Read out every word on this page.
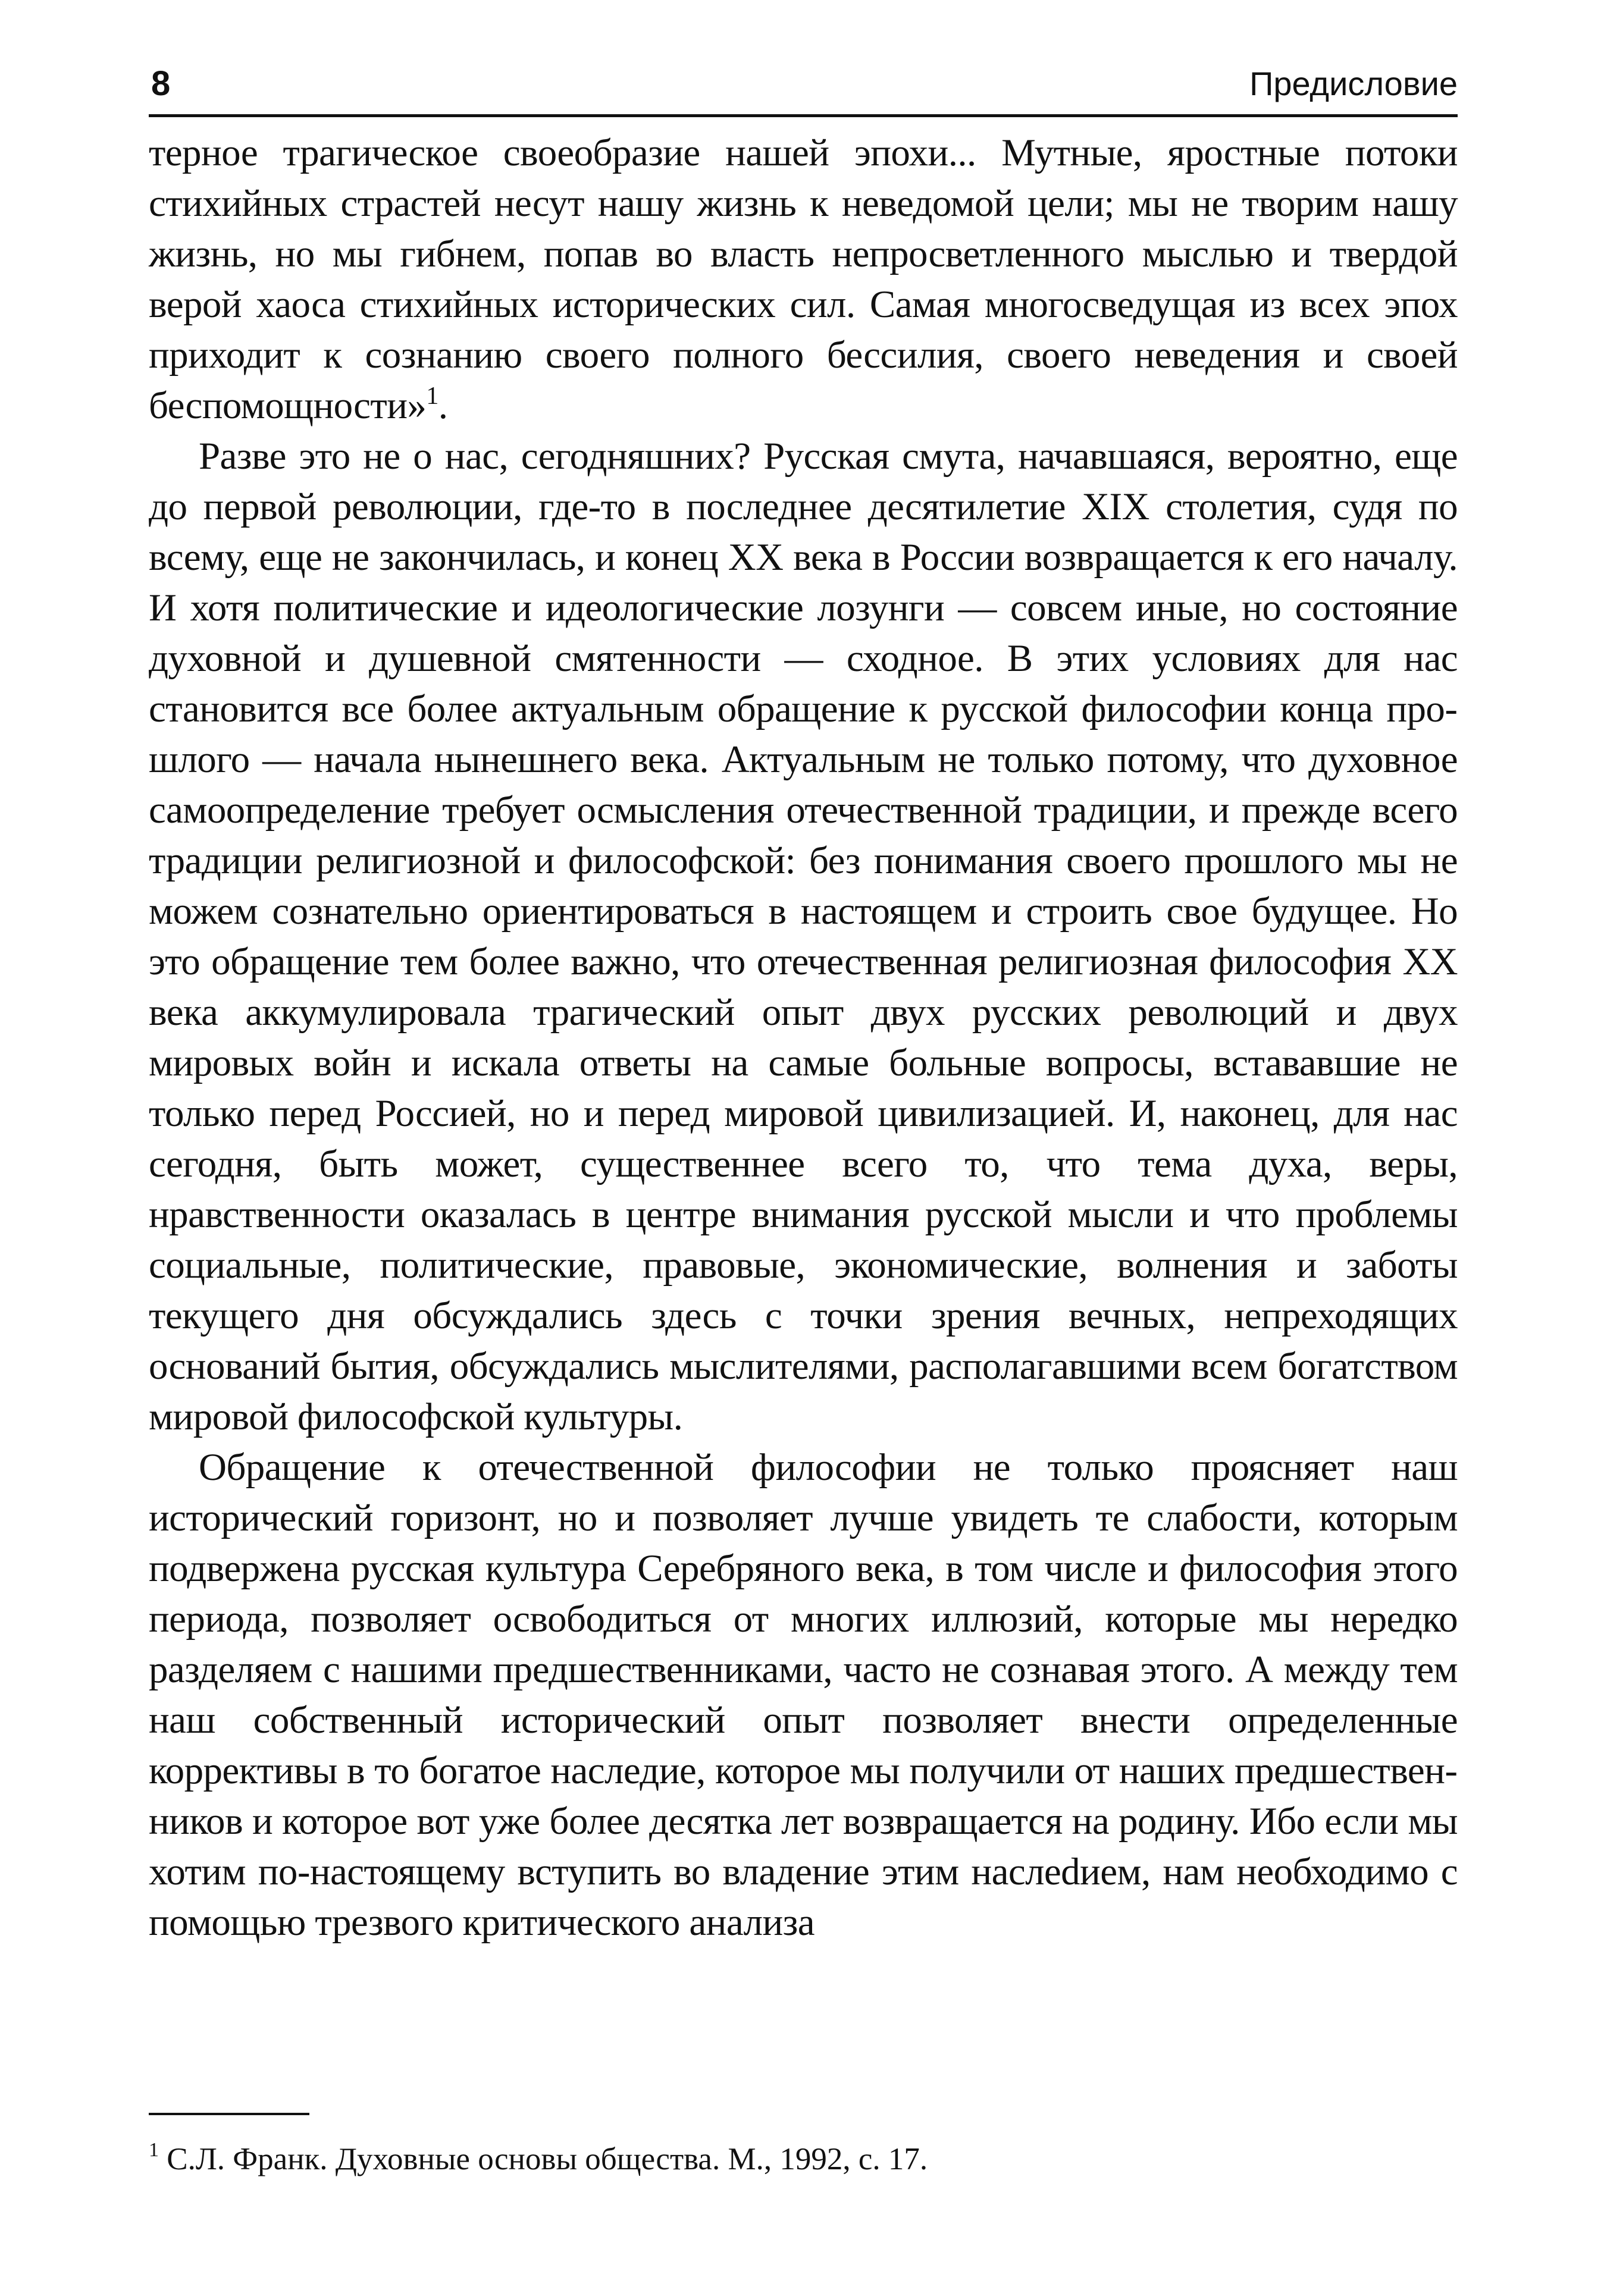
8	Предисловие

терное трагическое своеобразие нашей эпохи... Мутные, яростные потоки стихийных страстей несут нашу жизнь к неведомой цели; мы не творим нашу жизнь, но мы гибнем, попав во власть непросветленного мыслью и твердой верой хаоса стихийных исторических сил. Самая многосведущая из всех эпох приходит к сознанию своего полного бессилия, своего неведения и своей беспомощности»$^1$.

Разве это не о нас, сегодняшних? Русская смута, начавшаяся, вероятно, еще до первой революции, где-то в последнее десятилетие XIX столетия, судя по всему, еще не закончилась, и конец XX века в России возвращается к его началу. И хотя политические и идеологические лозунги — совсем иные, но состояние духовной и душевной смятенности — сходное. В этих условиях для нас становится все более актуальным обращение к русской философии конца прошлого — начала нынешнего века. Актуальным не только потому, что духовное самоопределение требует осмысления отечественной традиции, и прежде всего традиции религиозной и философской: без понимания своего прошлого мы не можем сознательно ориентироваться в настоящем и строить свое будущее. Но это обращение тем более важно, что отечественная религиозная философия XX века аккумулировала трагический опыт двух русских революций и двух мировых войн и искала ответы на самые больные вопросы, встававшие не только перед Россией, но и перед мировой цивилизацией. И, наконец, для нас сегодня, быть может, существеннее всего то, что тема духа, веры, нравственности оказалась в центре внимания русской мысли и что проблемы социальные, политические, правовые, экономические, волнения и заботы текущего дня обсуждались здесь с точки зрения вечных, непреходящих оснований бытия, обсуждались мыслителями, располагавшими всем богатством мировой философской культуры.

Обращение к отечественной философии не только проясняет наш исторический горизонт, но и позволяет лучше увидеть те слабости, которым подвержена русская культура Серебряного века, в том числе и философия этого периода, позволяет освободиться от многих иллюзий, которые мы нередко разделяем с нашими предшественниками, часто не сознавая этого. А между тем наш собственный исторический опыт позволяет внести определенные коррективы в то богатое наследие, которое мы получили от наших предшественников и которое вот уже более десятка лет возвращается на родину. Ибо если мы хотим по-настоящему вступить во владение этим наслеdием, нам необходимо с помощью трезвого критического анализа

$^1$ С.Л. Франк. Духовные основы общества. М., 1992, с. 17.
